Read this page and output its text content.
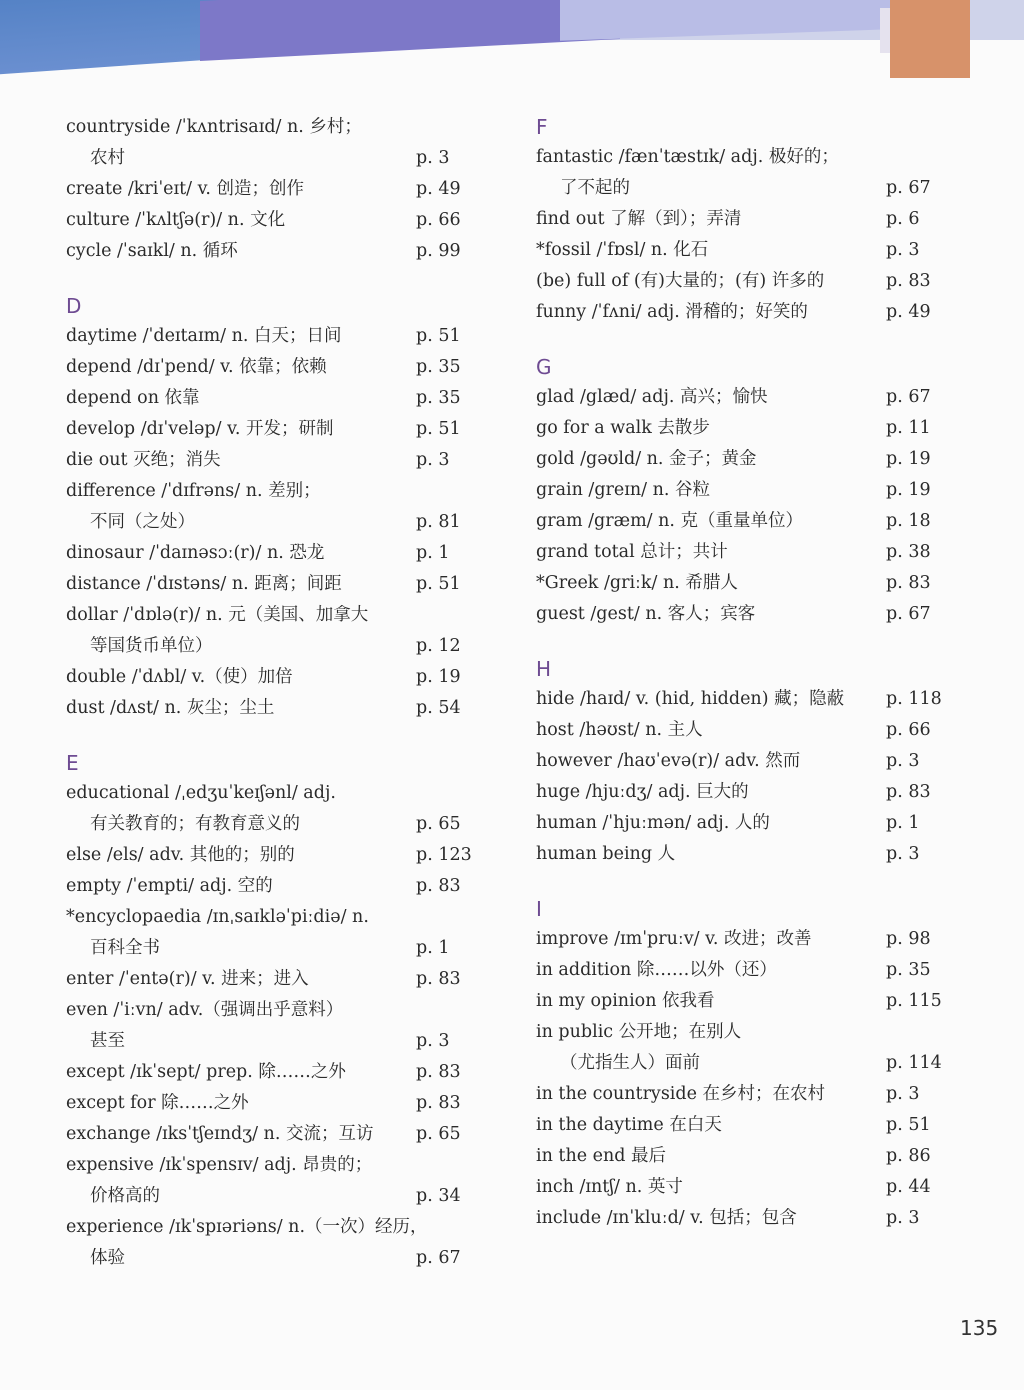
countryside /ˈkʌntrisaɪd/ n. 乡村；
农村	p. 3
create /kriˈeɪt/ v. 创造；创作	p. 49
culture /ˈkʌltʃə(r)/ n. 文化	p. 66
cycle /ˈsaɪkl/ n. 循环	p. 99
D
daytime /ˈdeɪtaɪm/ n. 白天；日间	p. 51
depend /dɪˈpend/ v. 依靠；依赖	p. 35
depend on 依靠	p. 35
develop /dɪˈveləp/ v. 开发；研制	p. 51
die out 灭绝；消失	p. 3
difference /ˈdɪfrəns/ n. 差别；
不同（之处）	p. 81
dinosaur /ˈdaɪnəsɔː(r)/ n. 恐龙	p. 1
distance /ˈdɪstəns/ n. 距离；间距	p. 51
dollar /ˈdɒlə(r)/ n. 元（美国、加拿大
等国货币单位）	p. 12
double /ˈdʌbl/ v.（使）加倍	p. 19
dust /dʌst/ n. 灰尘；尘土	p. 54
E
educational /ˌedʒuˈkeɪʃənl/ adj.
有关教育的；有教育意义的	p. 65
else /els/ adv. 其他的；别的	p. 123
empty /ˈempti/ adj. 空的	p. 83
*encyclopaedia /ɪnˌsaɪkləˈpiːdiə/ n.
百科全书	p. 1
enter /ˈentə(r)/ v. 进来；进入	p. 83
even /ˈiːvn/ adv.（强调出乎意料）
甚至	p. 3
except /ɪkˈsept/ prep. 除……之外	p. 83
except for 除……之外	p. 83
exchange /ɪksˈtʃeɪndʒ/ n. 交流；互访	p. 65
expensive /ɪkˈspensɪv/ adj. 昂贵的；
价格高的	p. 34
experience /ɪkˈspɪəriəns/ n.（一次）经历，
体验	p. 67
F
fantastic /fænˈtæstɪk/ adj. 极好的；
了不起的	p. 67
find out 了解（到）；弄清	p. 6
*fossil /ˈfɒsl/ n. 化石	p. 3
(be) full of (有)大量的；(有) 许多的	p. 83
funny /ˈfʌni/ adj. 滑稽的；好笑的	p. 49
G
glad /glæd/ adj. 高兴；愉快	p. 67
go for a walk 去散步	p. 11
gold /gəʊld/ n. 金子；黄金	p. 19
grain /greɪn/ n. 谷粒	p. 19
gram /græm/ n. 克（重量单位）	p. 18
grand total 总计；共计	p. 38
*Greek /griːk/ n. 希腊人	p. 83
guest /gest/ n. 客人；宾客	p. 67
H
hide /haɪd/ v. (hid, hidden) 藏；隐蔽	p. 118
host /həʊst/ n. 主人	p. 66
however /haʊˈevə(r)/ adv. 然而	p. 3
huge /hjuːdʒ/ adj. 巨大的	p. 83
human /ˈhjuːmən/ adj. 人的	p. 1
human being 人	p. 3
I
improve /ɪmˈpruːv/ v. 改进；改善	p. 98
in addition 除……以外（还）	p. 35
in my opinion 依我看	p. 115
in public 公开地；在别人
（尤指生人）面前	p. 114
in the countryside 在乡村；在农村	p. 3
in the daytime 在白天	p. 51
in the end 最后	p. 86
inch /ɪntʃ/ n. 英寸	p. 44
include /ɪnˈkluːd/ v. 包括；包含	p. 3
135
